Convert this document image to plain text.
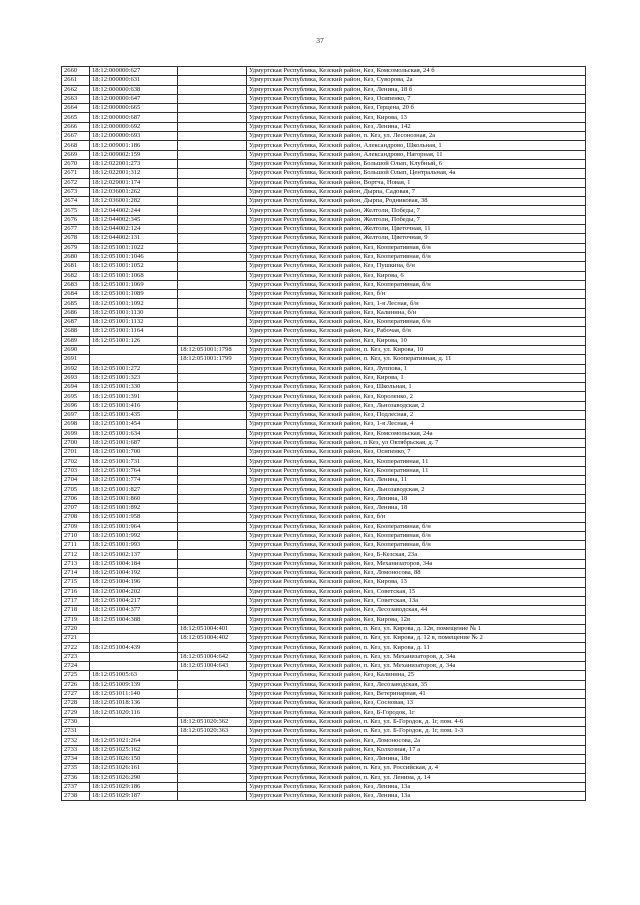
37
2660	18:12:000000:627		Удмуртская Республика, Кезский район, Кез, Комсомольская, 24 б
2661	18:12:000000:631		Удмуртская Республика, Кезский район, Кез, Суворова, 2а
2662	18:12:000000:638		Удмуртская Республика, Кезский район, Кез, Ленина, 18 б
2663	18:12:000000:647		Удмуртская Республика, Кезский район, Кез, Осипенко, 7
2664	18:12:000000:665		Удмуртская Республика, Кезский район, Кез, Герцена, 20 б
2665	18:12:000000:687		Удмуртская Республика, Кезский район, Кез, Кирова, 13
2666	18:12:000000:692		Удмуртская Республика, Кезский район, Кез, Ленина, 142
2667	18:12:000000:693		Удмуртская Республика, Кезский район, п. Кез, ул. Лесонозная, 2а
2668	18:12:009001:186		Удмуртская Республика, Кезский район, Александрово, Школьная, 1
2669	18:12:009002:159		Удмуртская Республика, Кезский район, Александрово, Нагорная, 11
2670	18:12:022001:273		Удмуртская Республика, Кезский район, Большой Олып, Клубный, 6
2671	18:12:022001:312		Удмуртская Республика, Кезский район, Большой Олып, Центральная, 4а
2672	18:12:029001:174		Удмуртская Республика, Кезский район, Вортча, Новая, 1
2673	18:12:036001:262		Удмуртская Республика, Кезский район, Дырпа, Садовая, 7
2674	18:12:036001:282		Удмуртская Республика, Кезский район, Дырпа, Родниковая, 38
2675	18:12:044002:244		Удмуртская Республика, Кезский район, Желтоли, Победы, 7
2676	18:12:044002:345		Удмуртская Республика, Кезский район, Желтоли, Победы, 7
2677	18:12:044002:124		Удмуртская Республика, Кезский район, Желтоли, Цветочная, 11
2678	18:12:044002:131		Удмуртская Республика, Кезский район, Желтоли, Цветочная, 9
2679	18:12:051001:1022		Удмуртская Республика, Кезский район, Кез, Кооперативная, б/н
2680	18:12:051001:1046		Удмуртская Республика, Кезский район, Кез, Кооперативная, б/н
2681	18:12:051001:1052		Удмуртская Республика, Кезский район, Кез, Пушкина, б/н
2682	18:12:051001:1068		Удмуртская Республика, Кезский район, Кез, Кирова, 6
2683	18:12:051001:1069		Удмуртская Республика, Кезский район, Кез, Кооперативная, б/н
2684	18:12:051001:1089		Удмуртская Республика, Кезский район, Кез, б/н
2685	18:12:051001:1092		Удмуртская Республика, Кезский район, Кез, 1-я Лесная, б/н
2686	18:12:051001:1130		Удмуртская Республика, Кезский район, Кез, Калинина, б/н
2687	18:12:051001:1132		Удмуртская Республика, Кезский район, Кез, Кооперативная, б/н
2688	18:12:051001:1164		Удмуртская Республика, Кезский район, Кез, Рабочая, б/н
2689	18:12:051001:126		Удмуртская Республика, Кезский район, Кез, Кирова, 10
2690		18:12:051001:1798	Удмуртская Республика, Кезский район, п. Кез, ул. Кирова, 10
2691		18:12:051001:1799	Удмуртская Республика, Кезский район, п. Кез, ул. Кооперативная, д. 11
2692	18:12:051001:272		Удмуртская Республика, Кезский район, Кез, Луппова, 1
2693	18:12:051001:323		Удмуртская Республика, Кезский район, Кез, Кирова, 1
2694	18:12:051001:330		Удмуртская Республика, Кезский район, Кез, Школьная, 1
2695	18:12:051001:391		Удмуртская Республика, Кезский район, Кез, Короленко, 2
2696	18:12:051001:416		Удмуртская Республика, Кезский район, Кез, Льнозаводская, 2
2697	18:12:051001:435		Удмуртская Республика, Кезский район, Кез, Подлесная, 2
2698	18:12:051001:454		Удмуртская Республика, Кезский район, Кез, 1-я Лесная, 4
2699	18:12:051001:634		Удмуртская Республика, Кезский район, Кез, Комсомольская, 24а
2700	18:12:051001:687		Удмуртская Республика, Кезский район, п Кез, ул Октябрьская, д. 7
2701	18:12:051001:700		Удмуртская Республика, Кезский район, Кез, Осипенко, 7
2702	18:12:051001:731		Удмуртская Республика, Кезский район, Кез, Кооперативная, 11
2703	18:12:051001:764		Удмуртская Республика, Кезский район, Кез, Кооперативная, 11
2704	18:12:051001:774		Удмуртская Республика, Кезский район, Кез, Ленина, 11
2705	18:12:051001:827		Удмуртская Республика, Кезский район, Кез, Льнозаводская, 2
2706	18:12:051001:860		Удмуртская Республика, Кезский район, Кез, Ленина, 18
2707	18:12:051001:892		Удмуртская Республика, Кезский район, Кез, Ленина, 18
2708	18:12:051001:958		Удмуртская Республика, Кезский район, Кез, б/н
2709	18:12:051001:964		Удмуртская Республика, Кезский район, Кез, Кооперативная, б/н
2710	18:12:051001:992		Удмуртская Республика, Кезский район, Кез, Кооперативная, б/н
2711	18:12:051001:993		Удмуртская Республика, Кезский район, Кез, Кооперативная, б/н
2712	18:12:051002:137		Удмуртская Республика, Кезский район, Кез, Б-Кезская, 23а
2713	18:12:051004:184		Удмуртская Республика, Кезский район, Кез, Механизаторов, 34а
2714	18:12:051004:192		Удмуртская Республика, Кезский район, Кез, Ломоносова, 88
2715	18:12:051004:196		Удмуртская Республика, Кезский район, Кез, Кирова, 13
2716	18:12:051004:202		Удмуртская Республика, Кезский район, Кез, Советская, 15
2717	18:12:051004:217		Удмуртская Республика, Кезский район, Кез, Советская, 13а
2718	18:12:051004:377		Удмуртская Республика, Кезский район, Кез, Лесозаводская, 44
2719	18:12:051004:388		Удмуртская Республика, Кезский район, Кез, Кирова, 12в
2720		18:12:051004:401	Удмуртская Республика, Кезский район, п. Кез, ул. Кирова, д. 12в, помещение № 1
2721		18:12:051004:402	Удмуртская Республика, Кезский район, п. Кез, ул. Кирова, д. 12 в, помещение № 2
2722	18:12:051004:439		Удмуртская Республика, Кезский район, п. Кез, ул. Кирова, д. 11
2723		18:12:051004:642	Удмуртская Республика, Кезский район, п. Кез, ул. Механизаторов, д. 34а
2724		18:12:051004:643	Удмуртская Республика, Кезский район, п. Кез, ул. Механизаторов, д. 34а
2725	18:12:051005:63		Удмуртская Республика, Кезский район, Кез, Калинина, 25
2726	18:12:051009:139		Удмуртская Республика, Кезский район, Кез, Лесозаводская, 35
2727	18:12:051011:140		Удмуртская Республика, Кезский район, Кез, Ветеринарная, 41
2728	18:12:051018:136		Удмуртская Республика, Кезский район, Кез, Сосновая, 13
2729	18:12:051020:116		Удмуртская Республика, Кезский район, Кез, Б-Городок, 1г
2730		18:12:051020:362	Удмуртская Республика, Кезский район, п. Кез, ул. Б-Городок, д. 1г, пом. 4-6
2731		18:12:051020:363	Удмуртская Республика, Кезский район, п. Кез, ул. Б-Городок, д. 1г, пом. 1-3
2732	18:12:051021:264		Удмуртская Республика, Кезский район, Кез, Ломоносова, 2а
2733	18:12:051025:162		Удмуртская Республика, Кезский район, Кез, Колхозная, 17 а
2734	18:12:051026:150		Удмуртская Республика, Кезский район, Кез, Ленина, 18е
2735	18:12:051026:161		Удмуртская Республика, Кезский район, п. Кез, ул. Российская, д. 4
2736	18:12:051026:290		Удмуртская Республика, Кезский район, п. Кез, ул. Ленина, д. 14
2737	18:12:051029:186		Удмуртская Республика, Кезский район, Кез, Ленина, 13а
2738	18:12:051029:187		Удмуртская Республика, Кезский район, Кез, Ленина, 13а
